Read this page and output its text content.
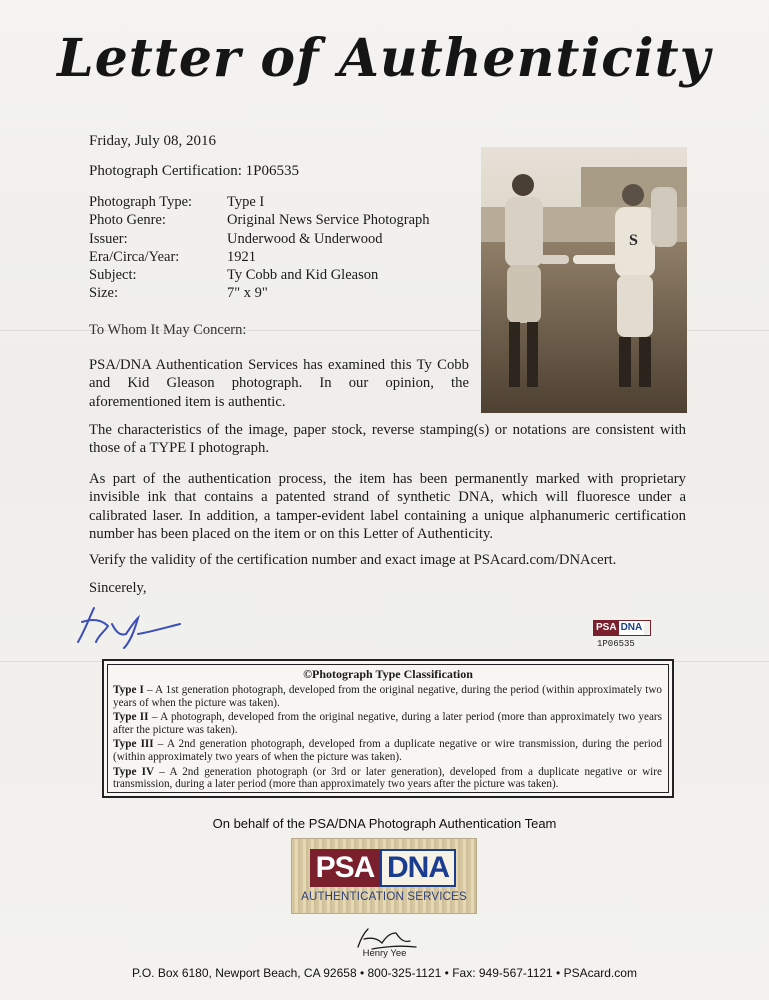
Letter of Authenticity
Friday, July 08, 2016
Photograph Certification: 1P06535
Photograph Type:	Type I
Photo Genre:	Original News Service Photograph
Issuer:	Underwood & Underwood
Era/Circa/Year:	1921
Subject:	Ty Cobb and Kid Gleason
Size:	7" x 9"
S
To Whom It May Concern:
PSA/DNA Authentication Services has examined this Ty Cobb and Kid Gleason photograph. In our opinion, the aforementioned item is authentic.
The characteristics of the image, paper stock, reverse stamping(s) or notations are consistent with those of a TYPE I photograph.
As part of the authentication process, the item has been permanently marked with proprietary invisible ink that contains a patented strand of synthetic DNA, which will fluoresce under a calibrated laser. In addition, a tamper-evident label containing a unique alphanumeric certification number has been placed on the item or on this Letter of Authenticity.
Verify the validity of the certification number and exact image at PSAcard.com/DNAcert.
Sincerely,
PSA DNA
1P06535
©Photograph Type Classification

Type I – A 1st generation photograph, developed from the original negative, during the period (within approximately two years of when the picture was taken).

Type II – A photograph, developed from the original negative, during a later period (more than approximately two years after the picture was taken).

Type III – A 2nd generation photograph, developed from a duplicate negative or wire transmission, during the period (within approximately two years of when the picture was taken).

Type IV – A 2nd generation photograph (or 3rd or later generation), developed from a duplicate negative or wire transmission, during a later period (more than approximately two years after the picture was taken).

On behalf of the PSA/DNA Photograph Authentication Team
PSA DNA
AUTHENTICATION SERVICES
Henry Yee
P.O. Box 6180, Newport Beach, CA 92658 • 800-325-1121 • Fax: 949-567-1121 • PSAcard.com
